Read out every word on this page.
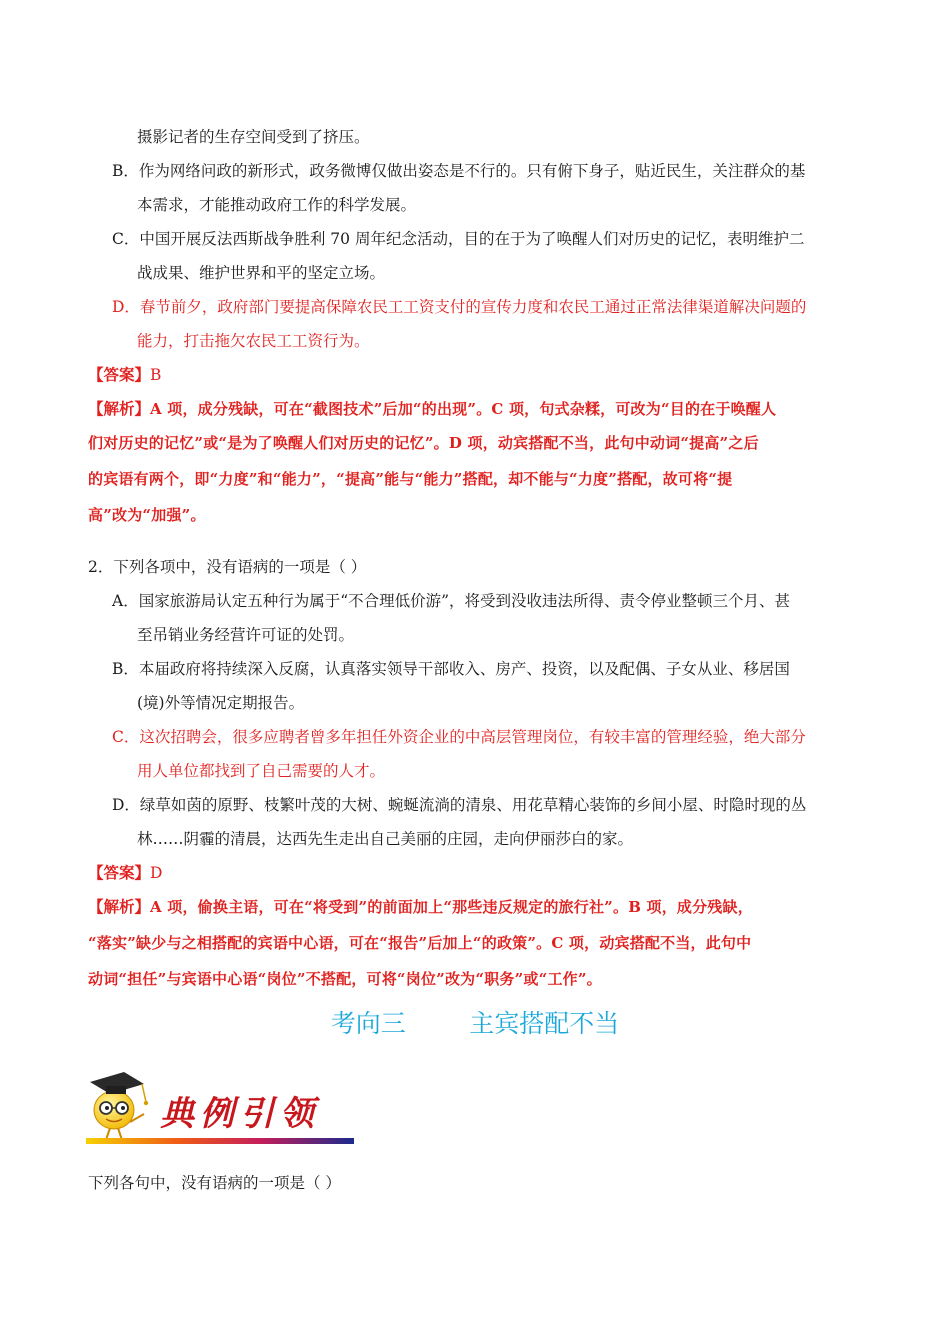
摄影记者的生存空间受到了挤压。
B．作为网络问政的新形式，政务微博仅做出姿态是不行的。只有俯下身子，贴近民生，关注群众的基
本需求，才能推动政府工作的科学发展。
C．中国开展反法西斯战争胜利 70 周年纪念活动，目的在于为了唤醒人们对历史的记忆，表明维护二
战成果、维护世界和平的坚定立场。
D．春节前夕，政府部门要提高保障农民工工资支付的宣传力度和农民工通过正常法律渠道解决问题的
能力，打击拖欠农民工工资行为。
【答案】B
【解析】A 项，成分残缺，可在“截图技术”后加“的出现”。C 项，句式杂糅，可改为“目的在于唤醒人
们对历史的记忆”或“是为了唤醒人们对历史的记忆”。D 项，动宾搭配不当，此句中动词“提高”之后
的宾语有两个，即“力度”和“能力”，“提高”能与“能力”搭配，却不能与“力度”搭配，故可将“提
高”改为“加强”。
2．下列各项中，没有语病的一项是（ ）
A．国家旅游局认定五种行为属于“不合理低价游”，将受到没收违法所得、责令停业整顿三个月、甚
至吊销业务经营许可证的处罚。
B．本届政府将持续深入反腐，认真落实领导干部收入、房产、投资，以及配偶、子女从业、移居国
(境)外等情况定期报告。
C．这次招聘会，很多应聘者曾多年担任外资企业的中高层管理岗位，有较丰富的管理经验，绝大部分
用人单位都找到了自己需要的人才。
D．绿草如茵的原野、枝繁叶茂的大树、蜿蜒流淌的清泉、用花草精心装饰的乡间小屋、时隐时现的丛
林……阴霾的清晨，达西先生走出自己美丽的庄园，走向伊丽莎白的家。
【答案】D
【解析】A 项，偷换主语，可在“将受到”的前面加上“那些违反规定的旅行社”。B 项，成分残缺，
“落实”缺少与之相搭配的宾语中心语，可在“报告”后加上“的政策”。C 项，动宾搭配不当，此句中
动词“担任”与宾语中心语“岗位”不搭配，可将“岗位”改为“职务”或“工作”。
考向三        主宾搭配不当
典例引领
下列各句中，没有语病的一项是（ ）
